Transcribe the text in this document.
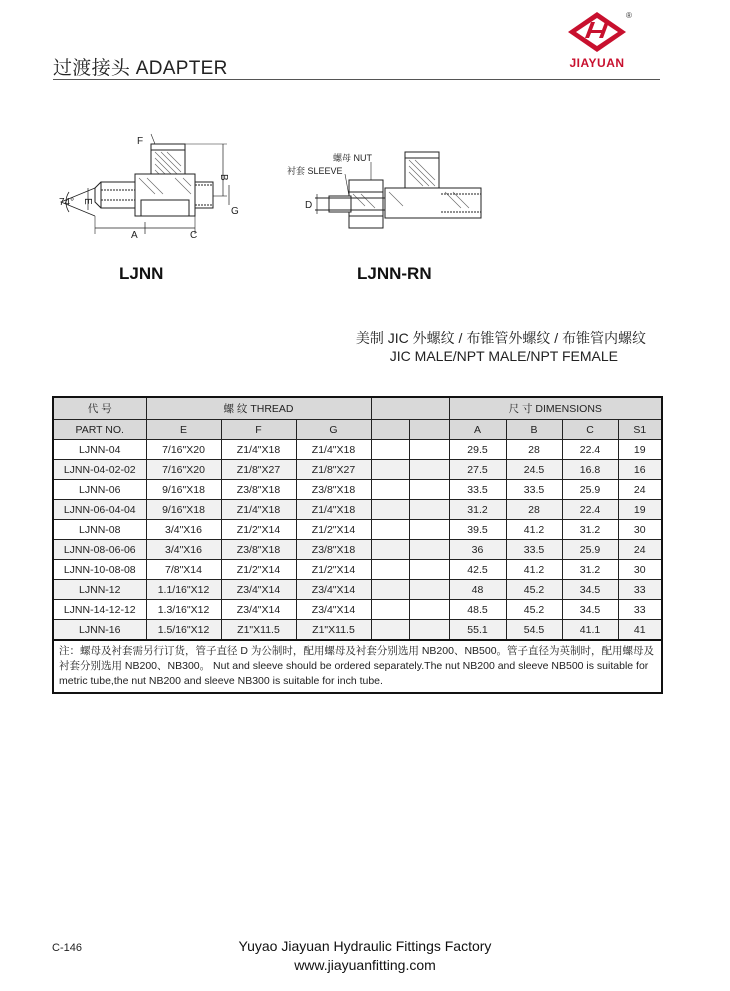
过渡接头 ADAPTER
®
JIAYUAN
F
B
74° E
G
A	C
LJNN
螺母 NUT
衬套 SLEEVE
D
LJNN-RN
美制 JIC 外螺纹 / 布锥管外螺纹 / 布锥管内螺纹
JIC MALE/NPT MALE/NPT FEMALE
代 号	螺 纹 THREAD					尺 寸 DIMENSIONS			
PART NO.	E	F	G			A	B	C	S1
LJNN-04	7/16"X20	Z1/4"X18	Z1/4"X18			29.5	28	22.4	19
LJNN-04-02-02	7/16"X20	Z1/8"X27	Z1/8"X27			27.5	24.5	16.8	16
LJNN-06	9/16"X18	Z3/8"X18	Z3/8"X18			33.5	33.5	25.9	24
LJNN-06-04-04	9/16"X18	Z1/4"X18	Z1/4"X18			31.2	28	22.4	19
LJNN-08	3/4"X16	Z1/2"X14	Z1/2"X14			39.5	41.2	31.2	30
LJNN-08-06-06	3/4"X16	Z3/8"X18	Z3/8"X18			36	33.5	25.9	24
LJNN-10-08-08	7/8"X14	Z1/2"X14	Z1/2"X14			42.5	41.2	31.2	30
LJNN-12	1.1/16"X12	Z3/4"X14	Z3/4"X14			48	45.2	34.5	33
LJNN-14-12-12	1.3/16"X12	Z3/4"X14	Z3/4"X14			48.5	45.2	34.5	33
LJNN-16	1.5/16"X12	Z1"X11.5	Z1"X11.5			55.1	54.5	41.1	41
注：螺母及衬套需另行订货，管子直径 D 为公制时，配用螺母及衬套分别选用 NB200、NB500。管子直径为英制时，配用螺母及衬套分别选用 NB200、NB300。 Nut and sleeve should be ordered separately.The nut NB200 and sleeve NB500 is suitable for metric tube,the nut NB200 and sleeve NB300 is suitable for inch tube.									
C-146	Yuyao Jiayuan Hydraulic Fittings Factory
www.jiayuanfitting.com
